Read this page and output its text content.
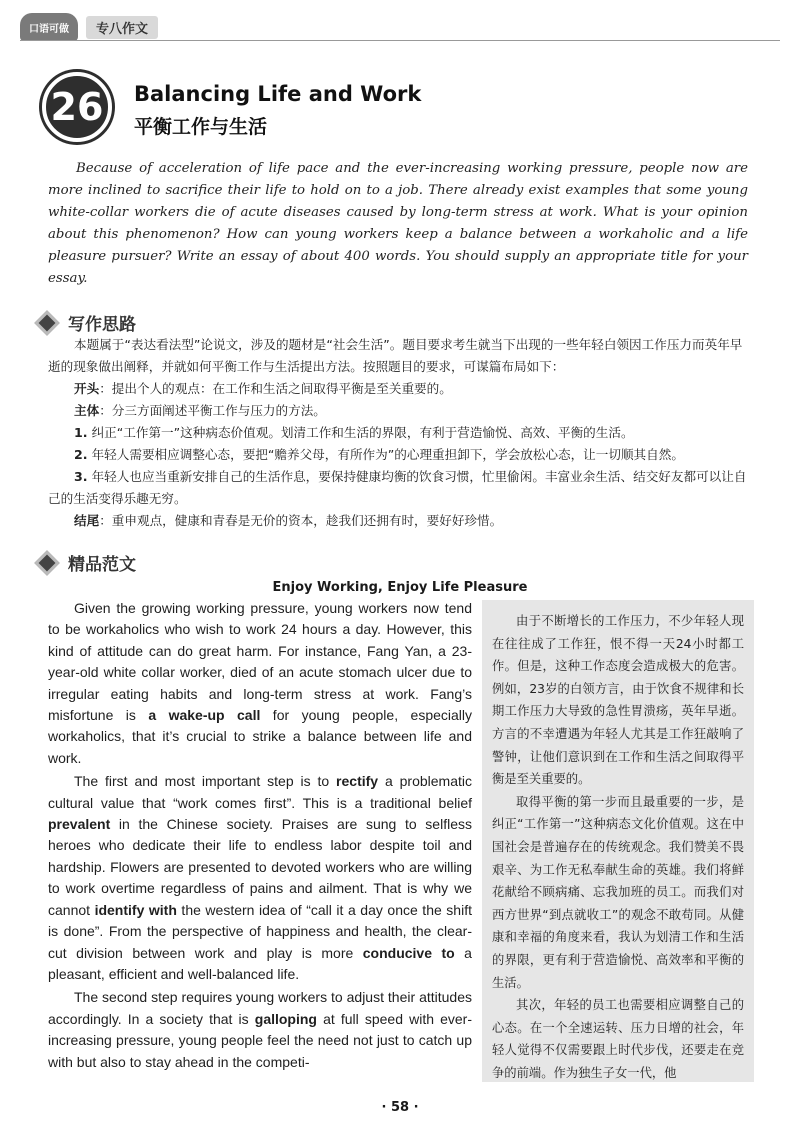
口语可做	专八作文
26	Balancing Life and Work
平衡工作与生活
Because of acceleration of life pace and the ever-increasing working pressure, people now are more inclined to sacrifice their life to hold on to a job. There already exist examples that some young white-collar workers die of acute diseases caused by long-term stress at work. What is your opinion about this phenomenon? How can young workers keep a balance between a workaholic and a life pleasure pursuer? Write an essay of about 400 words. You should supply an appropriate title for your essay.
写作思路

本题属于“表达看法型”论说文，涉及的题材是“社会生活”。题目要求考生就当下出现的一些年轻白领因工作压力而英年早逝的现象做出阐释，并就如何平衡工作与生活提出方法。按照题目的要求，可谋篇布局如下：

开头：提出个人的观点：在工作和生活之间取得平衡是至关重要的。

主体：分三方面阐述平衡工作与压力的方法。

1. 纠正“工作第一”这种病态价值观。划清工作和生活的界限，有利于营造愉悦、高效、平衡的生活。

2. 年轻人需要相应调整心态，要把“赡养父母，有所作为”的心理重担卸下，学会放松心态，让一切顺其自然。

3. 年轻人也应当重新安排自己的生活作息，要保持健康均衡的饮食习惯，忙里偷闲。丰富业余生活、结交好友都可以让自己的生活变得乐趣无穷。

结尾：重申观点，健康和青春是无价的资本，趁我们还拥有时，要好好珍惜。

精品范文
Enjoy Working, Enjoy Life Pleasure

Given the growing working pressure, young workers now tend to be workaholics who wish to work 24 hours a day. However, this kind of attitude can do great harm. For instance, Fang Yan, a 23-year-old white collar worker, died of an acute stomach ulcer due to irregular eating habits and long-term stress at work. Fang’s misfortune is a wake-up call for young people, especially workaholics, that it’s crucial to strike a balance between life and work.

The first and most important step is to rectify a problematic cultural value that “work comes first”. This is a traditional belief prevalent in the Chinese society. Praises are sung to selfless heroes who dedicate their life to endless labor despite toil and hardship. Flowers are presented to devoted workers who are willing to work overtime regardless of pains and ailment. That is why we cannot identify with the western idea of “call it a day once the shift is done”. From the perspective of happiness and health, the clear-cut division between work and play is more conducive to a pleasant, efficient and well-balanced life.

The second step requires young workers to adjust their attitudes accordingly. In a society that is galloping at full speed with ever-increasing pressure, young people feel the need not just to catch up with but also to stay ahead in the competi-

由于不断增长的工作压力，不少年轻人现在往往成了工作狂，恨不得一天24小时都工作。但是，这种工作态度会造成极大的危害。例如，23岁的白领方言，由于饮食不规律和长期工作压力大导致的急性胃溃疡，英年早逝。方言的不幸遭遇为年轻人尤其是工作狂敲响了警钟，让他们意识到在工作和生活之间取得平衡是至关重要的。

取得平衡的第一步而且最重要的一步，是纠正“工作第一”这种病态文化价值观。这在中国社会是普遍存在的传统观念。我们赞美不畏艰辛、为工作无私奉献生命的英雄。我们将鲜花献给不顾病痛、忘我加班的员工。而我们对西方世界“到点就收工”的观念不敢苟同。从健康和幸福的角度来看，我认为划清工作和生活的界限，更有利于营造愉悦、高效率和平衡的生活。

其次，年轻的员工也需要相应调整自己的心态。在一个全速运转、压力日增的社会，年轻人觉得不仅需要跟上时代步伐，还要走在竞争的前端。作为独生子女一代，他

· 58 ·
